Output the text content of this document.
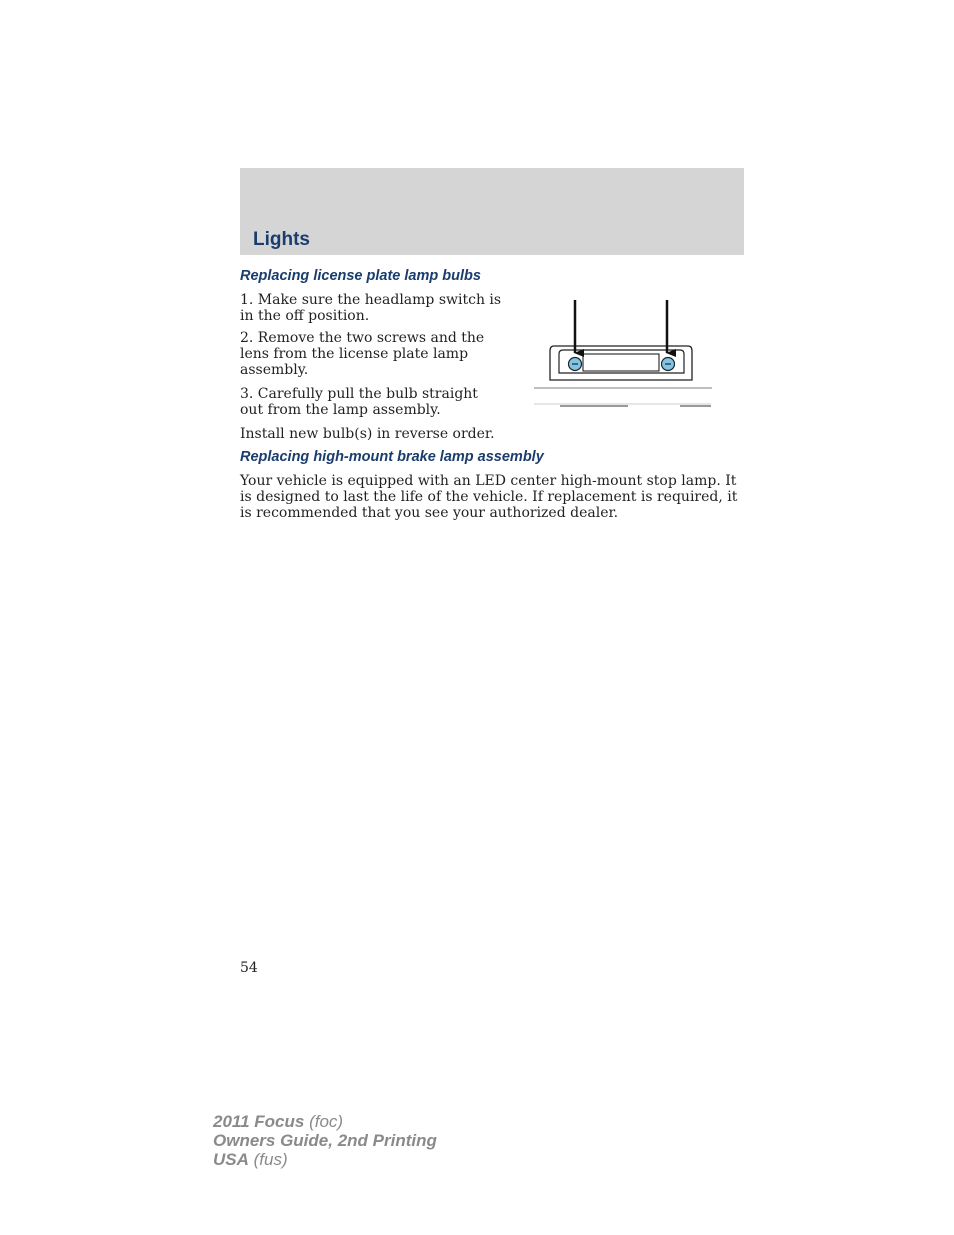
Lights
Replacing license plate lamp bulbs

1. Make sure the headlamp switch is in the off position.

2. Remove the two screws and the lens from the license plate lamp assembly.

3. Carefully pull the bulb straight out from the lamp assembly.

Install new bulb(s) in reverse order.

Replacing high-mount brake lamp assembly

Your vehicle is equipped with an LED center high-mount stop lamp. It is designed to last the life of the vehicle. If replacement is required, it is recommended that you see your authorized dealer.

54
2011 Focus (foc)
Owners Guide, 2nd Printing
USA (fus)
